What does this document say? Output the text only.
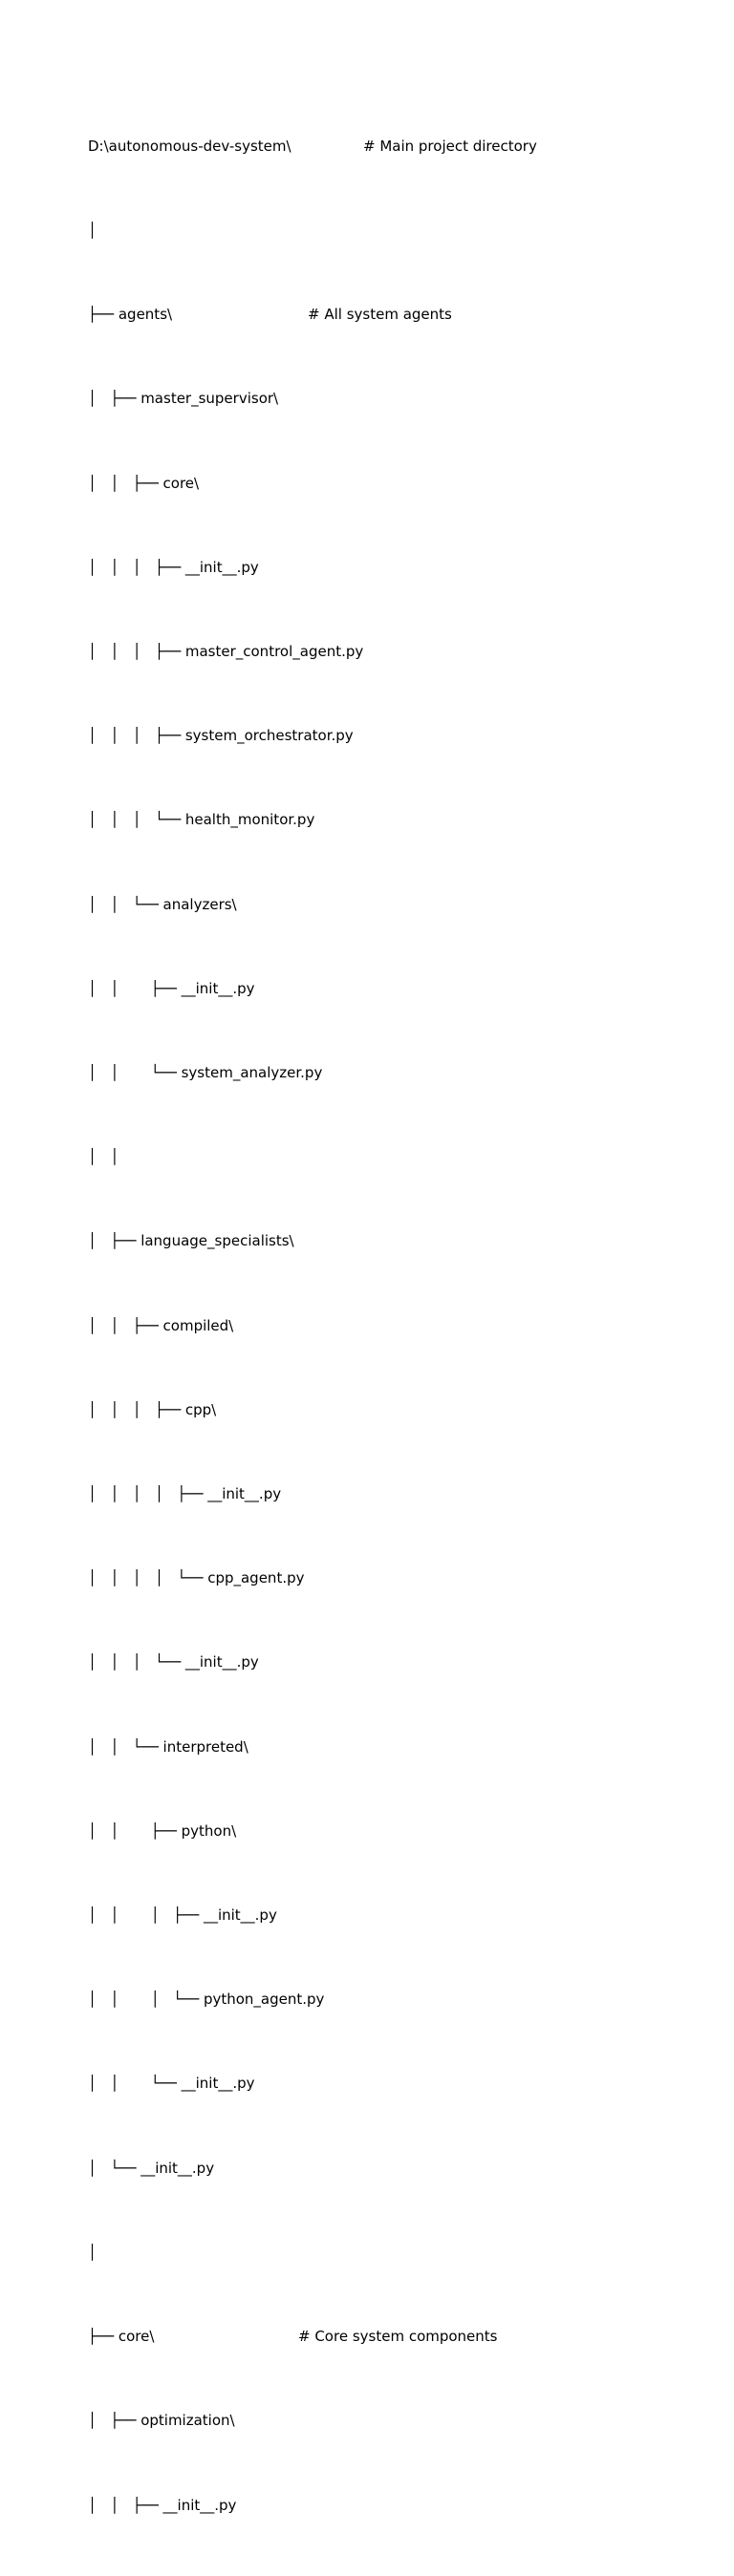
D:\autonomous-dev-system\	# Main project directory

│

├── agents\	# All system agents

│   ├── master_supervisor\

│   │   ├── core\

│   │   │   ├── __init__.py

│   │   │   ├── master_control_agent.py

│   │   │   ├── system_orchestrator.py

│   │   │   └── health_monitor.py

│   │   └── analyzers\

│   │       ├── __init__.py

│   │       └── system_analyzer.py

│   │

│   ├── language_specialists\

│   │   ├── compiled\

│   │   │   ├── cpp\

│   │   │   │   ├── __init__.py

│   │   │   │   └── cpp_agent.py

│   │   │   └── __init__.py

│   │   └── interpreted\

│   │       ├── python\

│   │       │   ├── __init__.py

│   │       │   └── python_agent.py

│   │       └── __init__.py

│   └── __init__.py

│

├── core\	# Core system components

│   ├── optimization\

│   │   ├── __init__.py
